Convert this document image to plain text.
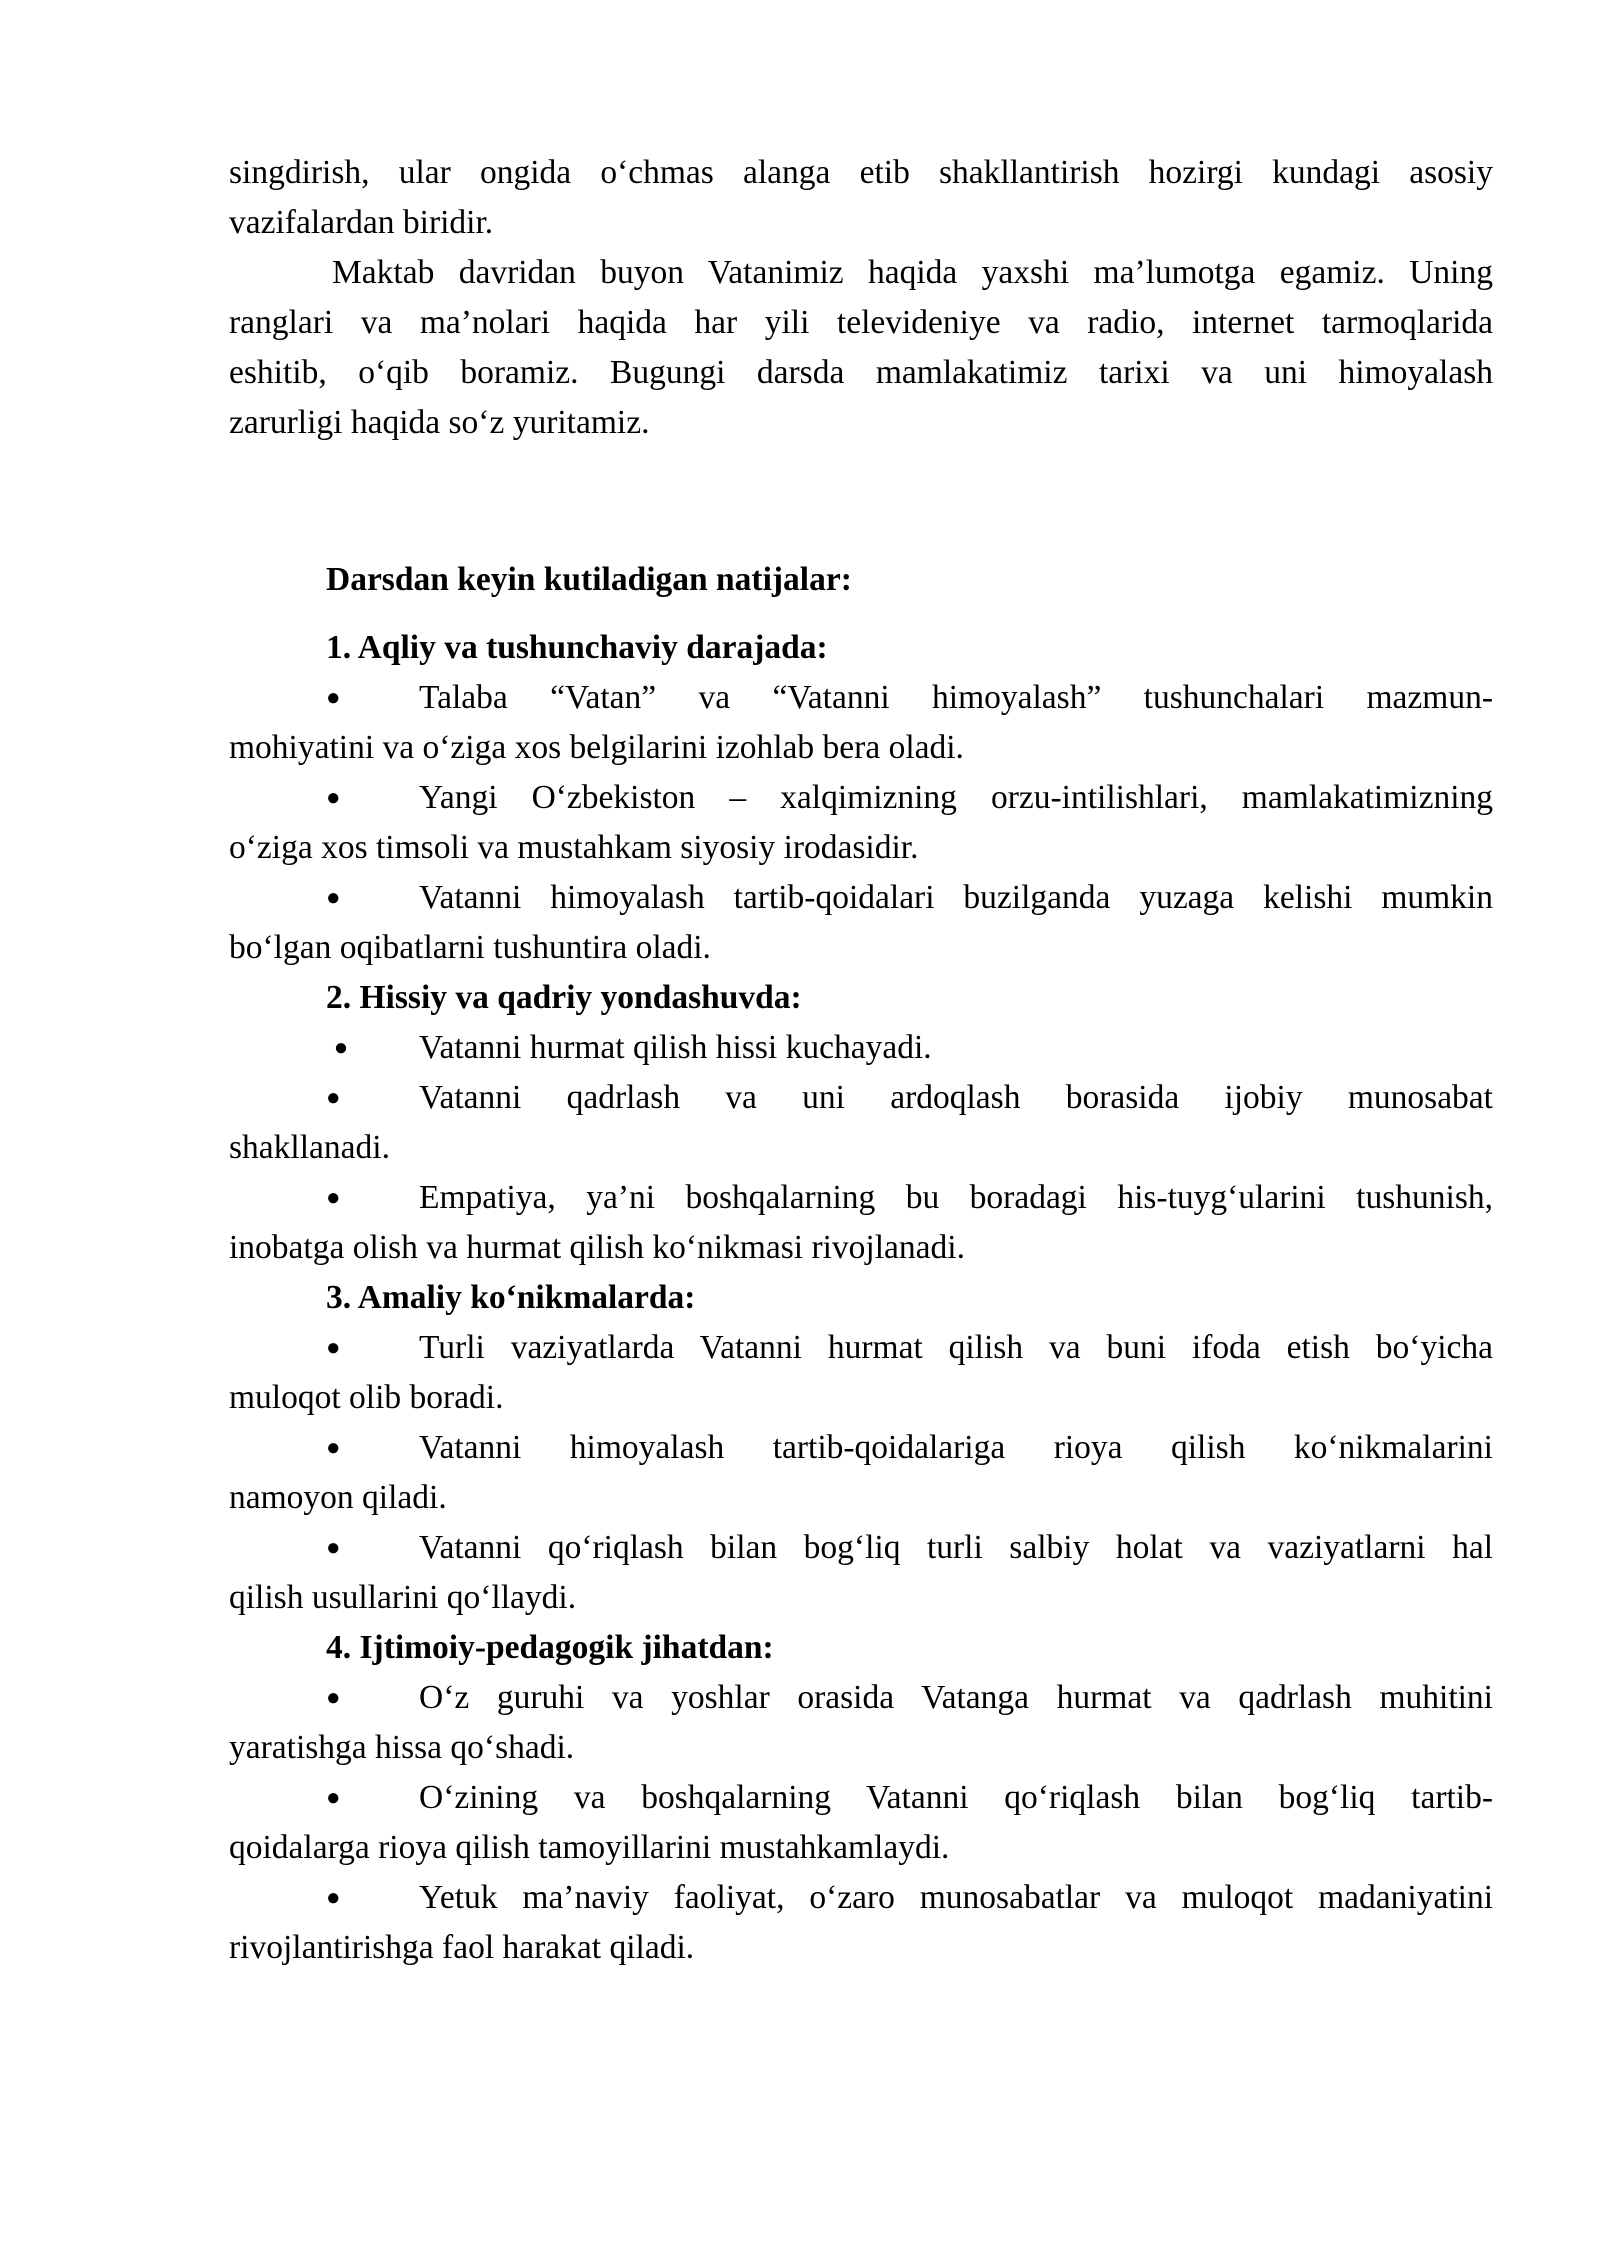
singdirish, ular ongida o‘chmas alanga etib shakllantirish hozirgi kundagi asosiy
vazifalardan biridir.
Maktab davridan buyon Vatanimiz haqida yaxshi ma’lumotga egamiz. Uning
ranglari va ma’nolari haqida har yili televideniye va radio, internet tarmoqlarida
eshitib, o‘qib boramiz. Bugungi darsda mamlakatimiz tarixi va uni himoyalash
zarurligi haqida so‘z yuritamiz.
Darsdan keyin kutiladigan natijalar:
1. Aqliy va tushunchaviy darajada:
●	Talaba “Vatan” va “Vatanni himoyalash” tushunchalari mazmun-
mohiyatini va o‘ziga xos belgilarini izohlab bera oladi.
●	Yangi O‘zbekiston – xalqimizning orzu-intilishlari, mamlakatimizning
o‘ziga xos timsoli va mustahkam siyosiy irodasidir.
●	Vatanni himoyalash tartib-qoidalari buzilganda yuzaga kelishi mumkin
bo‘lgan oqibatlarni tushuntira oladi.
2. Hissiy va qadriy yondashuvda:
● Vatanni hurmat qilish hissi kuchayadi.
●	Vatanni qadrlash va uni ardoqlash borasida ijobiy munosabat
shakllanadi.
●	Empatiya, ya’ni boshqalarning bu boradagi his-tuyg‘ularini tushunish,
inobatga olish va hurmat qilish ko‘nikmasi rivojlanadi.
3. Amaliy ko‘nikmalarda:
●	Turli vaziyatlarda Vatanni hurmat qilish va buni ifoda etish bo‘yicha
muloqot olib boradi.
●	Vatanni himoyalash tartib-qoidalariga rioya qilish ko‘nikmalarini
namoyon qiladi.
●	Vatanni qo‘riqlash bilan bog‘liq turli salbiy holat va vaziyatlarni hal
qilish usullarini qo‘llaydi.
4. Ijtimoiy-pedagogik jihatdan:
●	O‘z guruhi va yoshlar orasida Vatanga hurmat va qadrlash muhitini
yaratishga hissa qo‘shadi.
●	O‘zining va boshqalarning Vatanni qo‘riqlash bilan bog‘liq tartib-
qoidalarga rioya qilish tamoyillarini mustahkamlaydi.
●	Yetuk ma’naviy faoliyat, o‘zaro munosabatlar va muloqot madaniyatini
rivojlantirishga faol harakat qiladi.
